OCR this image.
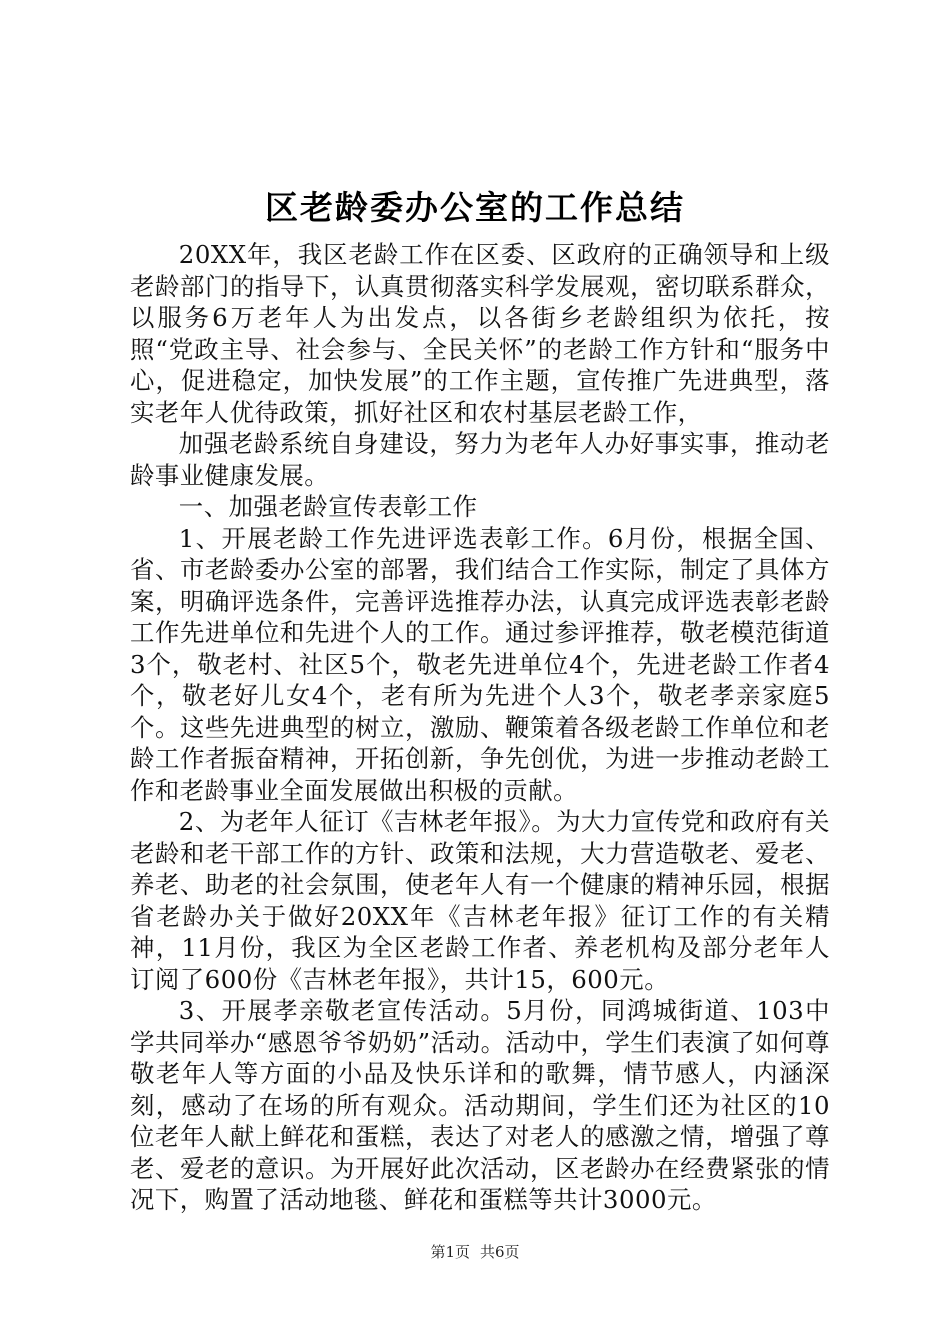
区老龄委办公室的工作总结

20XX年，我区老龄工作在区委、区政府的正确领导和上级老龄部门的指导下，认真贯彻落实科学发展观，密切联系群众，以服务6万老年人为出发点，以各街乡老龄组织为依托，按照“党政主导、社会参与、全民关怀”的老龄工作方针和“服务中心，促进稳定，加快发展”的工作主题，宣传推广先进典型，落实老年人优待政策，抓好社区和农村基层老龄工作，

加强老龄系统自身建设，努力为老年人办好事实事，推动老龄事业健康发展。

一、加强老龄宣传表彰工作

1、开展老龄工作先进评选表彰工作。6月份，根据全国、省、市老龄委办公室的部署，我们结合工作实际，制定了具体方案，明确评选条件，完善评选推荐办法，认真完成评选表彰老龄工作先进单位和先进个人的工作。通过参评推荐，敬老模范街道3个，敬老村、社区5个，敬老先进单位4个，先进老龄工作者4个，敬老好儿女4个，老有所为先进个人3个，敬老孝亲家庭5个。这些先进典型的树立，激励、鞭策着各级老龄工作单位和老龄工作者振奋精神，开拓创新，争先创优，为进一步推动老龄工作和老龄事业全面发展做出积极的贡献。

2、为老年人征订《吉林老年报》。为大力宣传党和政府有关老龄和老干部工作的方针、政策和法规，大力营造敬老、爱老、养老、助老的社会氛围，使老年人有一个健康的精神乐园，根据省老龄办关于做好20XX年《吉林老年报》征订工作的有关精神，11月份，我区为全区老龄工作者、养老机构及部分老年人订阅了600份《吉林老年报》，共计15，600元。

3、开展孝亲敬老宣传活动。5月份，同鸿城街道、103中学共同举办“感恩爷爷奶奶”活动。活动中，学生们表演了如何尊敬老年人等方面的小品及快乐详和的歌舞，情节感人，内涵深刻，感动了在场的所有观众。活动期间，学生们还为社区的10位老年人献上鲜花和蛋糕，表达了对老人的感激之情，增强了尊老、爱老的意识。为开展好此次活动，区老龄办在经费紧张的情况下，购置了活动地毯、鲜花和蛋糕等共计3000元。

第1页 共6页
